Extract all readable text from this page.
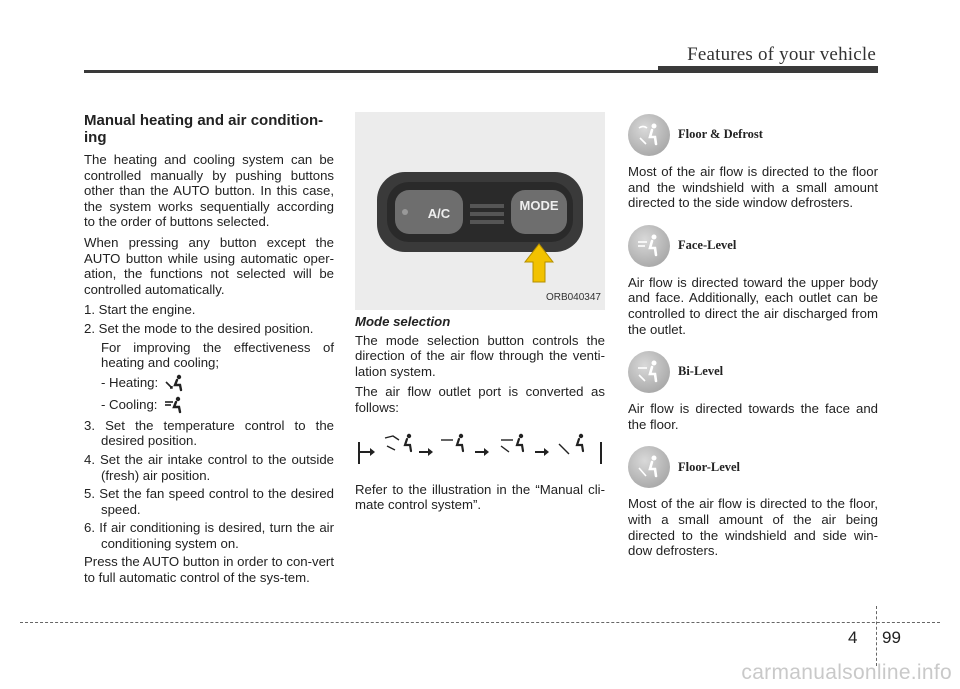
Features of your vehicle
Manual heating and air condition-ing

The heating and cooling system can be controlled manually by pushing buttons other than the AUTO button. In this case, the system works sequentially according to the order of buttons selected.

When pressing any button except the AUTO button while using automatic oper-ation, the functions not selected will be controlled automatically.

1. Start the engine.
2. Set the mode to the desired position.
For improving the effectiveness of heating and cooling;
- Heating:
- Cooling:
3. Set the temperature control to the desired position.
4. Set the air intake control to the outside (fresh) air position.
5. Set the fan speed control to the desired speed.
6. If air conditioning is desired, turn the air conditioning system on.

Press the AUTO button in order to con-vert to full automatic control of the sys-tem.

A/C
MODE
ORB040347
Mode selection

The mode selection button controls the direction of the air flow through the venti-lation system.

The air flow outlet port is converted as follows:

Refer to the illustration in the “Manual cli-mate control system”.

Floor & Defrost

Most of the air flow is directed to the floor and the windshield with a small amount directed to the side window defrosters.

Face-Level

Air flow is directed toward the upper body and face. Additionally, each outlet can be controlled to direct the air discharged from the outlet.

Bi-Level

Air flow is directed towards the face and the floor.

Floor-Level

Most of the air flow is directed to the floor, with a small amount of the air being directed to the windshield and side win-dow defrosters.

4 99
carmanualsonline.info
